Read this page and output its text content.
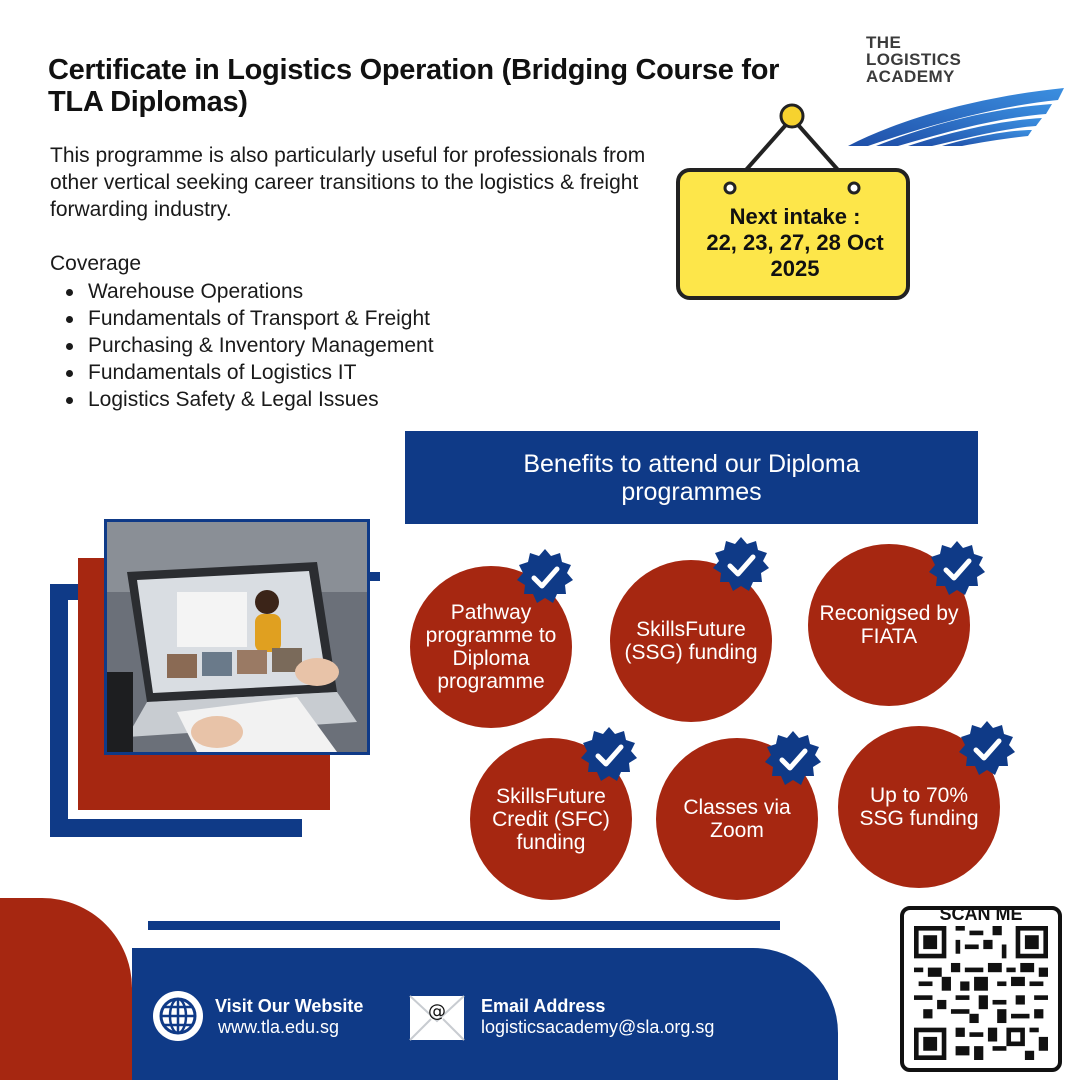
Certificate in Logistics Operation (Bridging Course for TLA Diplomas)
THE
LOGISTICS
ACADEMY

This programme is also particularly useful for professionals from other vertical seeking career transitions to the logistics & freight forwarding industry.

Coverage
Warehouse Operations
Fundamentals of Transport & Freight
Purchasing & Inventory Management
Fundamentals of Logistics IT
Logistics Safety & Legal Issues
Next intake :
22, 23, 27, 28 Oct
2025
Benefits to attend our Diploma programmes
Pathway programme to Diploma programme
SkillsFuture (SSG) funding
Reconigsed by FIATA
SkillsFuture Credit (SFC) funding
Classes via Zoom
Up to 70% SSG funding
Visit Our Website
www.tla.edu.sg
@ Email Address
logisticsacademy@sla.org.sg
SCAN ME
